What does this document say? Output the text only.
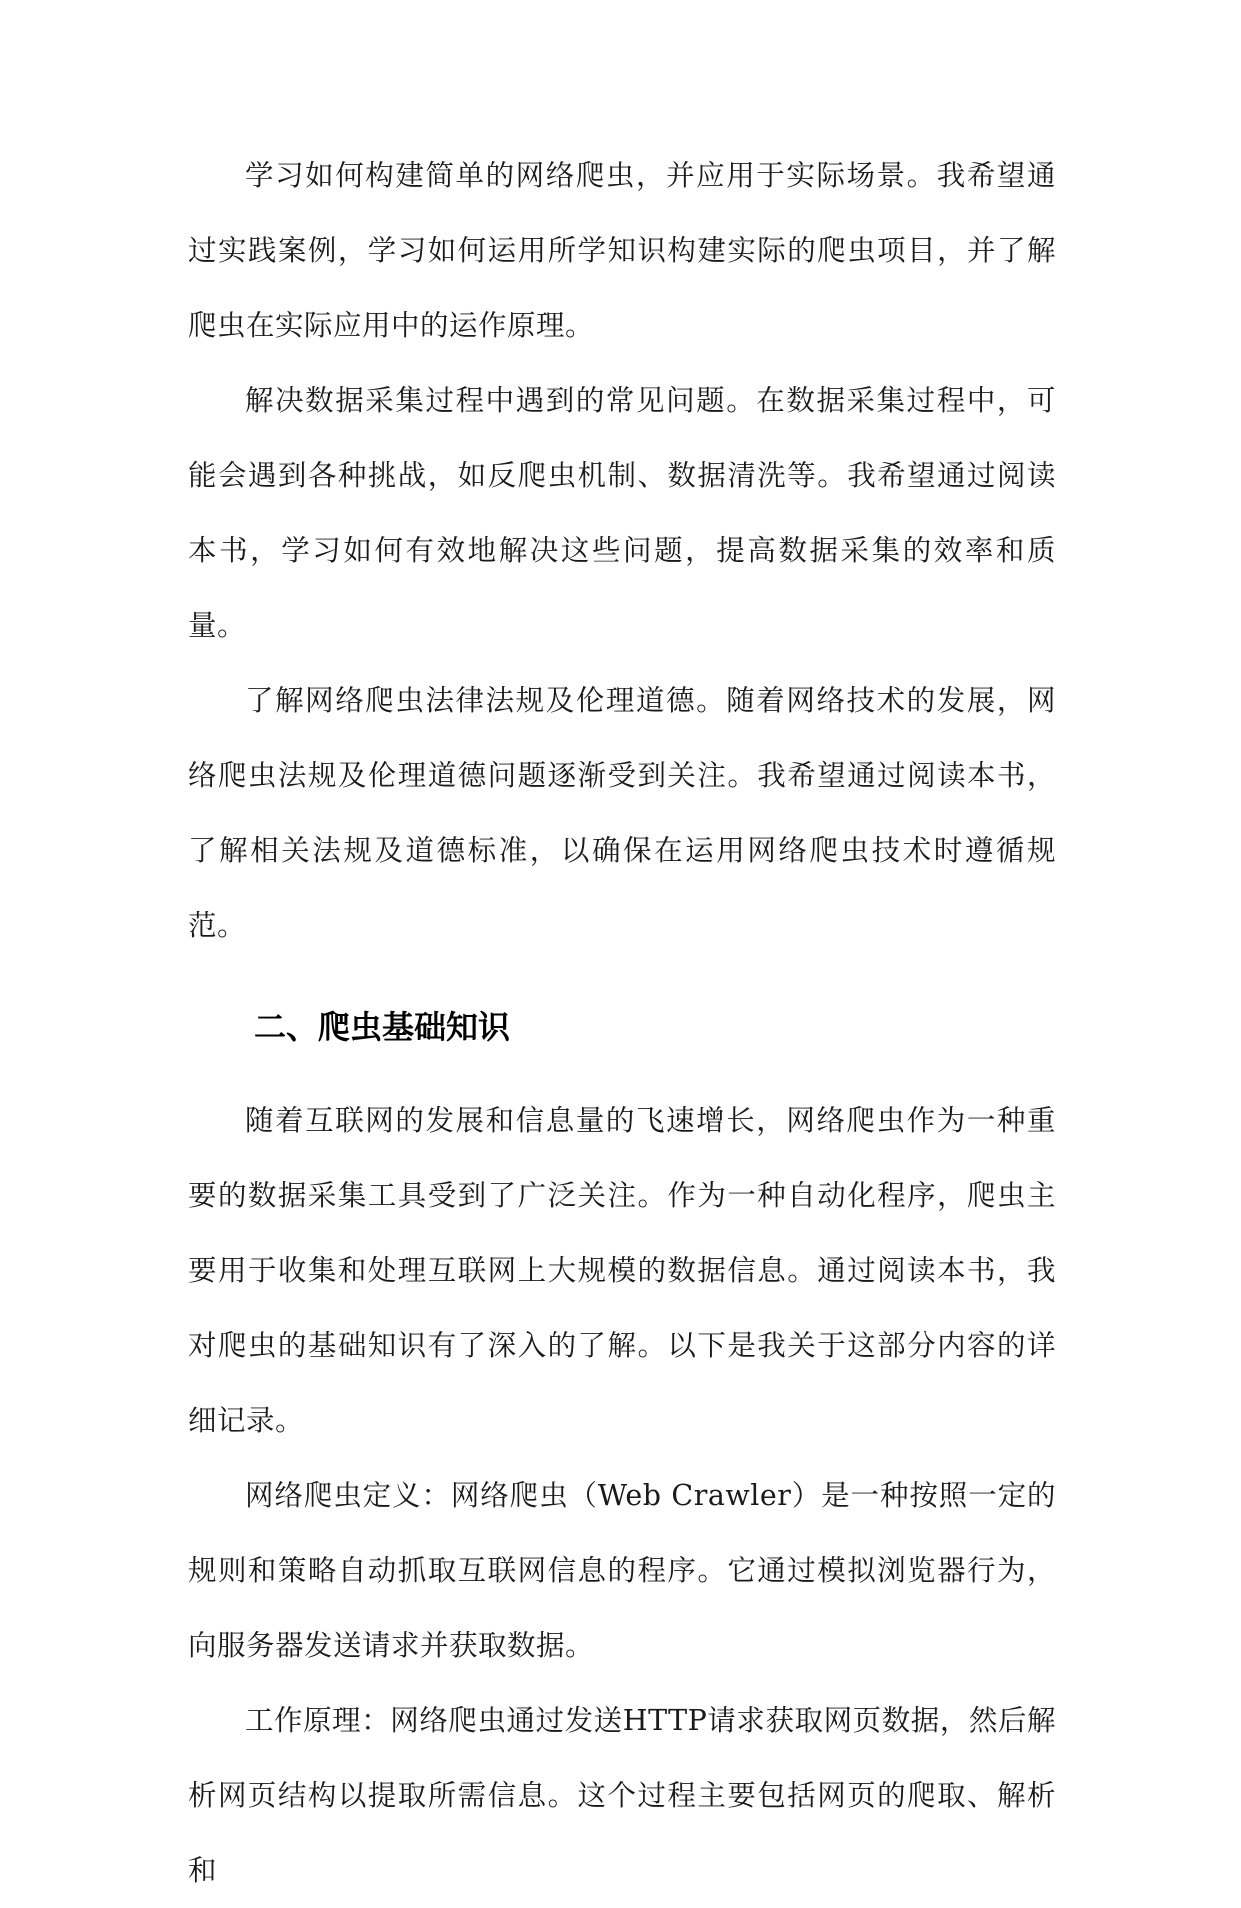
学习如何构建简单的网络爬虫，并应用于实际场景。我希望通过实践案例，学习如何运用所学知识构建实际的爬虫项目，并了解爬虫在实际应用中的运作原理。

解决数据采集过程中遇到的常见问题。在数据采集过程中，可能会遇到各种挑战，如反爬虫机制、数据清洗等。我希望通过阅读本书，学习如何有效地解决这些问题，提高数据采集的效率和质量。

了解网络爬虫法律法规及伦理道德。随着网络技术的发展，网络爬虫法规及伦理道德问题逐渐受到关注。我希望通过阅读本书，了解相关法规及道德标准，以确保在运用网络爬虫技术时遵循规范。

二、爬虫基础知识

随着互联网的发展和信息量的飞速增长，网络爬虫作为一种重要的数据采集工具受到了广泛关注。作为一种自动化程序，爬虫主要用于收集和处理互联网上大规模的数据信息。通过阅读本书，我对爬虫的基础知识有了深入的了解。以下是我关于这部分内容的详细记录。

网络爬虫定义：网络爬虫（Web Crawler）是一种按照一定的规则和策略自动抓取互联网信息的程序。它通过模拟浏览器行为，向服务器发送请求并获取数据。

工作原理：网络爬虫通过发送HTTP请求获取网页数据，然后解析网页结构以提取所需信息。这个过程主要包括网页的爬取、解析和
